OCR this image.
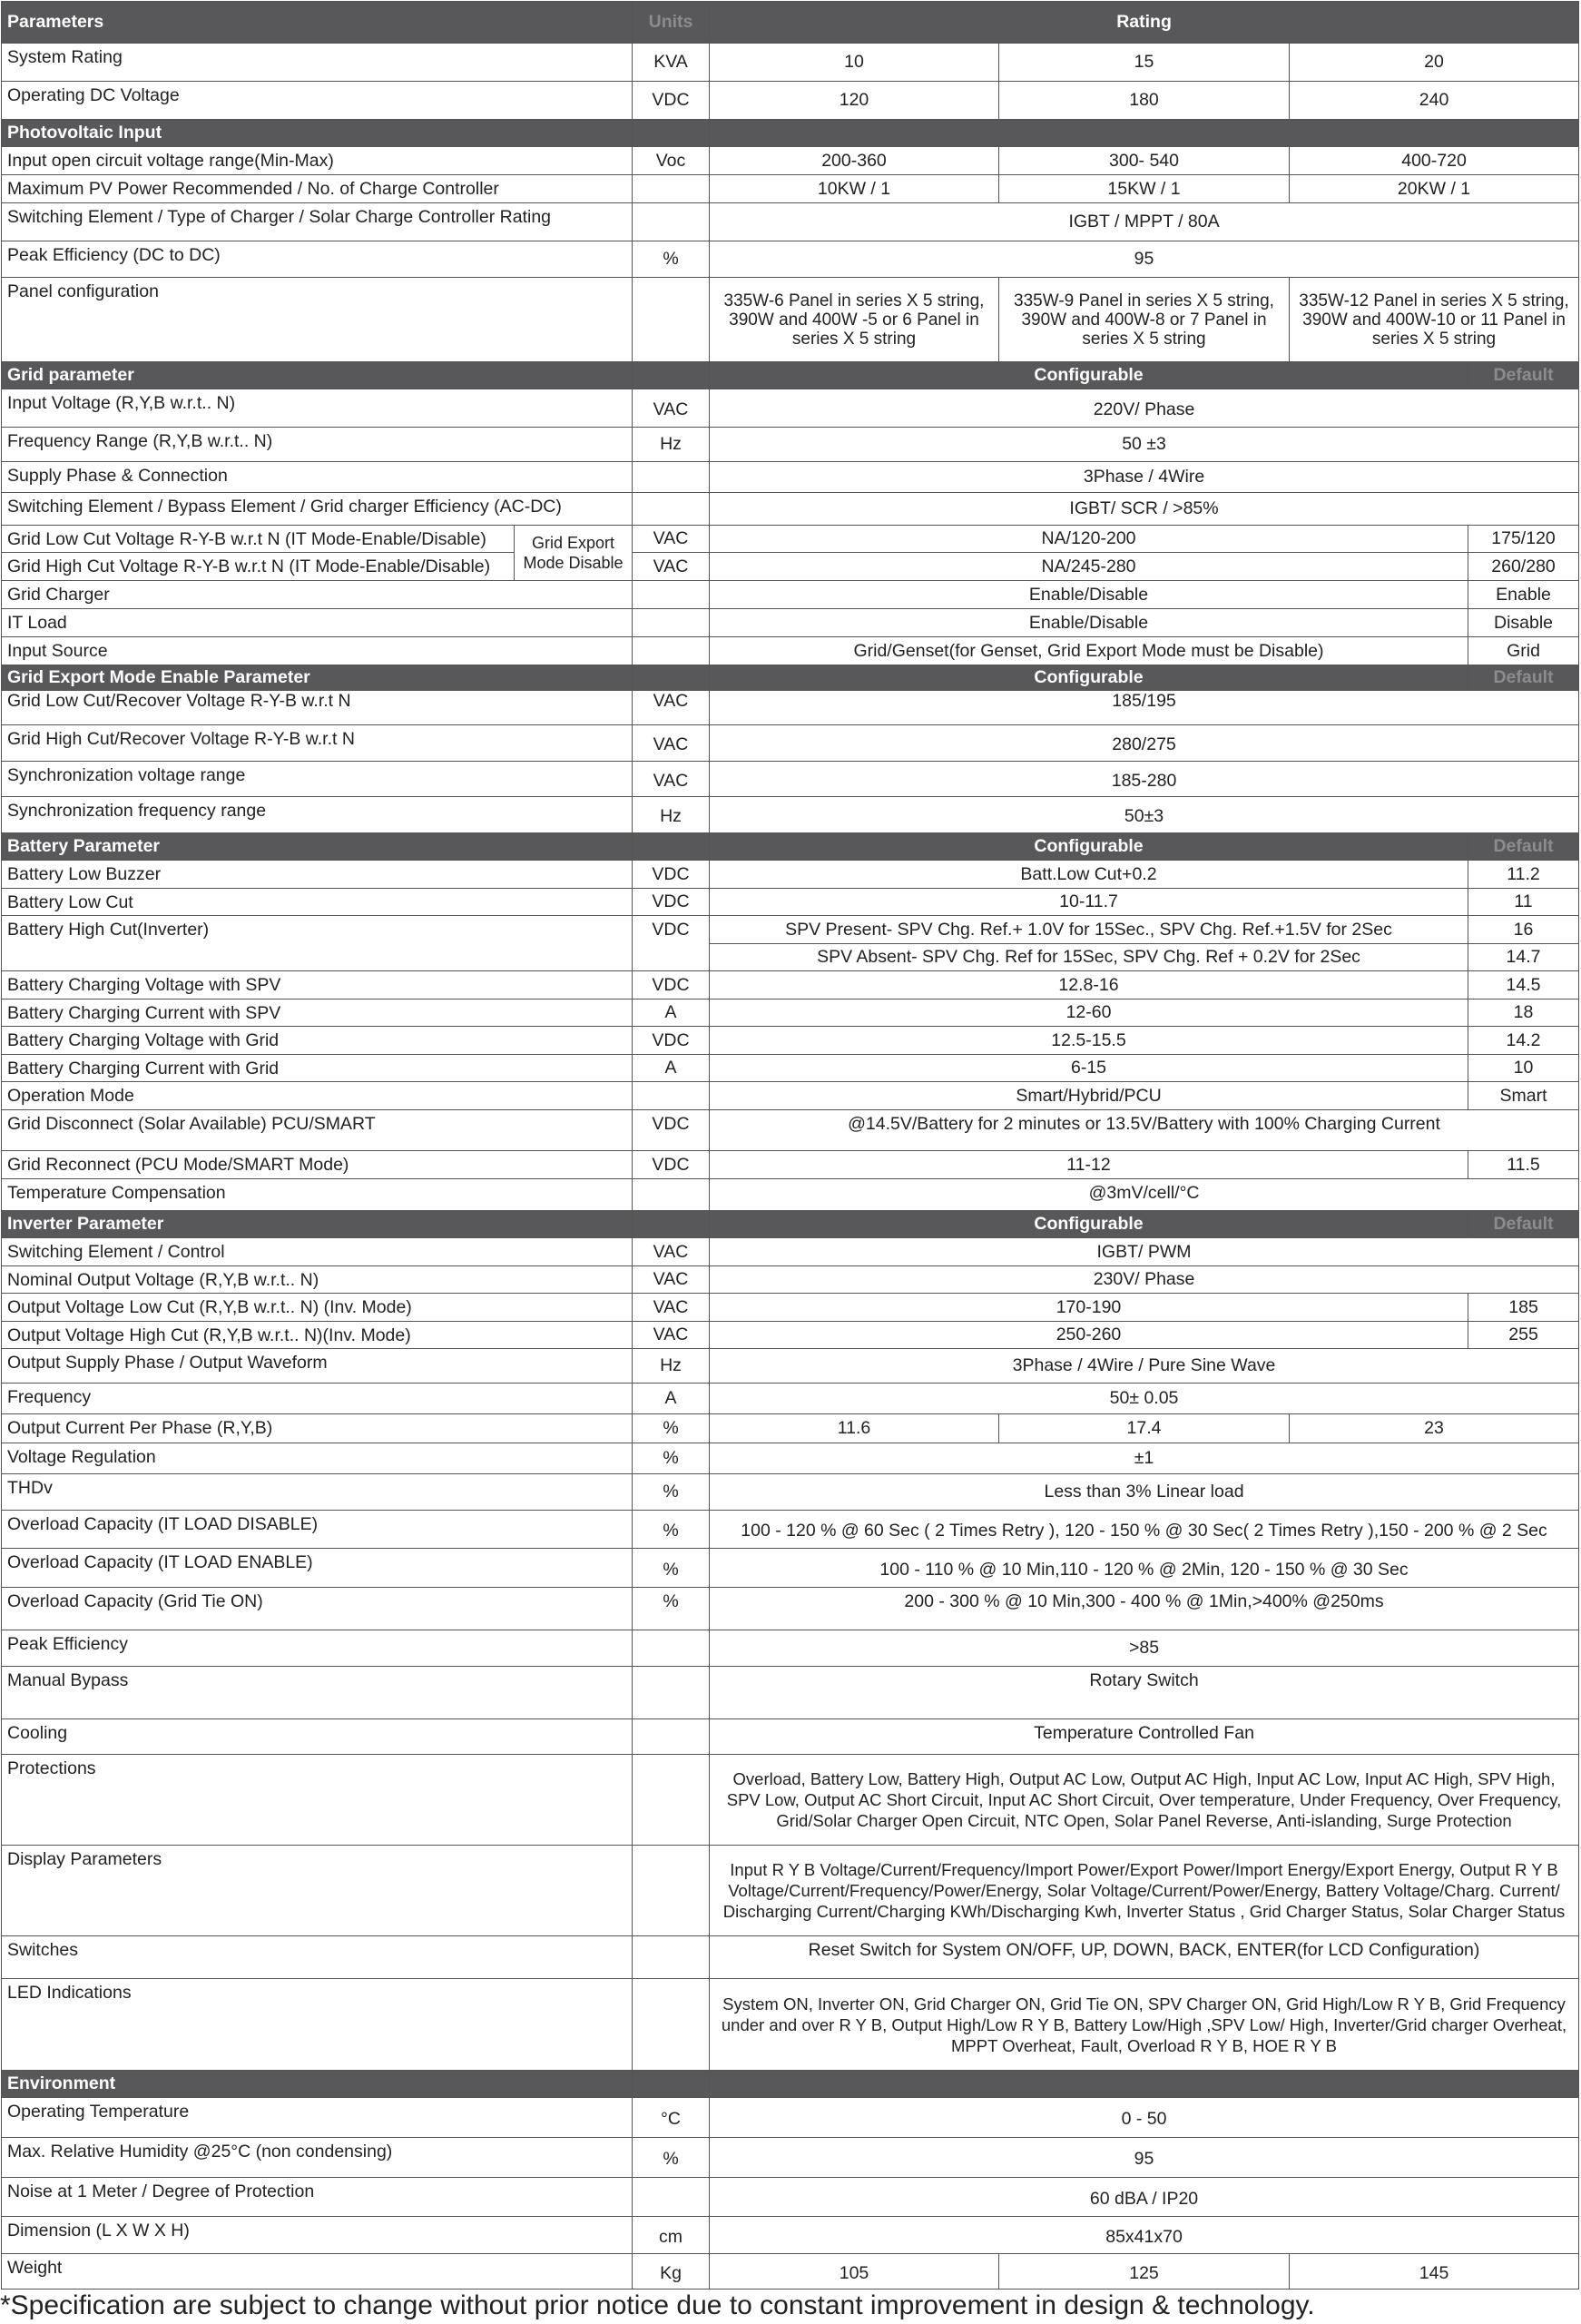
Parameters		Units	Rating			
System Rating		KVA	10	15	20	
Operating DC Voltage		VDC	120	180	240	
Photovoltaic Input						
Input open circuit voltage range(Min-Max)		Voc	200-360	300- 540	400-720	
Maximum PV Power Recommended / No. of Charge Controller			10KW / 1	15KW / 1	20KW / 1	
Switching Element / Type of Charger / Solar Charge Controller Rating			IGBT / MPPT / 80A			
Peak Efficiency (DC to DC)		%	95			
Panel configuration			335W-6 Panel in series X 5 string, 390W and 400W -5 or 6 Panel in series X 5 string	335W-9 Panel in series X 5 string, 390W and 400W-8 or 7 Panel in series X 5 string	335W-12 Panel in series X 5 string, 390W and 400W-10 or 11 Panel in series X 5 string	
Grid parameter			Configurable			Default
Input Voltage (R,Y,B w.r.t.. N)		VAC	220V/ Phase			
Frequency Range (R,Y,B w.r.t.. N)		Hz	50 ±3			
Supply Phase & Connection			3Phase / 4Wire			
Switching Element / Bypass Element / Grid charger Efficiency (AC-DC)			IGBT/ SCR / >85%			
Grid Low Cut Voltage R-Y-B w.r.t N (IT Mode-Enable/Disable)	Grid Export Mode Disable	VAC	NA/120-200			175/120
Grid High Cut Voltage R-Y-B w.r.t N (IT Mode-Enable/Disable)		VAC	NA/245-280			260/280
Grid Charger			Enable/Disable			Enable
IT Load			Enable/Disable			Disable
Input Source			Grid/Genset(for Genset, Grid Export Mode must be Disable)			Grid
Grid Export Mode Enable Parameter			Configurable			Default
Grid Low Cut/Recover Voltage R-Y-B w.r.t N		VAC	185/195			
Grid High Cut/Recover Voltage R-Y-B w.r.t N		VAC	280/275			
Synchronization voltage range		VAC	185-280			
Synchronization frequency range		Hz	50±3			
Battery Parameter			Configurable			Default
Battery Low Buzzer		VDC	Batt.Low Cut+0.2			11.2
Battery Low Cut		VDC	10-11.7			11
Battery High Cut(Inverter)		VDC	SPV Present- SPV Chg. Ref.+ 1.0V for 15Sec., SPV Chg. Ref.+1.5V for 2Sec			16
			SPV Absent- SPV Chg. Ref for 15Sec, SPV Chg. Ref + 0.2V for 2Sec			14.7
Battery Charging Voltage with SPV		VDC	12.8-16			14.5
Battery Charging Current with SPV		A	12-60			18
Battery Charging Voltage with Grid		VDC	12.5-15.5			14.2
Battery Charging Current with Grid		A	6-15			10
Operation Mode			Smart/Hybrid/PCU			Smart
Grid Disconnect (Solar Available) PCU/SMART		VDC	@14.5V/Battery for 2 minutes or 13.5V/Battery with 100% Charging Current			
Grid Reconnect (PCU Mode/SMART Mode)		VDC	11-12			11.5
Temperature Compensation			@3mV/cell/°C			
Inverter Parameter			Configurable			Default
Switching Element / Control		VAC	IGBT/ PWM			
Nominal Output Voltage (R,Y,B w.r.t.. N)		VAC	230V/ Phase			
Output Voltage Low Cut (R,Y,B w.r.t.. N) (Inv. Mode)		VAC	170-190			185
Output Voltage High Cut (R,Y,B w.r.t.. N)(Inv. Mode)		VAC	250-260			255
Output Supply Phase / Output Waveform		Hz	3Phase / 4Wire / Pure Sine Wave			
Frequency		A	50± 0.05			
Output Current Per Phase (R,Y,B)		%	11.6	17.4	23	
Voltage Regulation		%	±1			
THDv		%	Less than 3% Linear load			
Overload Capacity (IT LOAD DISABLE)		%	100 - 120 % @ 60 Sec ( 2 Times Retry ), 120 - 150 % @ 30 Sec( 2 Times Retry ),150 - 200 % @ 2 Sec			
Overload Capacity (IT LOAD ENABLE)		%	100 - 110 % @ 10 Min,110 - 120 % @ 2Min, 120 - 150 % @ 30 Sec			
Overload Capacity (Grid Tie ON)		%	200 - 300 % @ 10 Min,300 - 400 % @ 1Min,>400% @250ms			
Peak Efficiency			>85			
Manual Bypass			Rotary Switch			
Cooling			Temperature Controlled Fan			
Protections			Overload, Battery Low, Battery High, Output AC Low, Output AC High, Input AC Low, Input AC High, SPV High, SPV Low, Output AC Short Circuit, Input AC Short Circuit, Over temperature, Under Frequency, Over Frequency, Grid/Solar Charger Open Circuit, NTC Open, Solar Panel Reverse, Anti-islanding, Surge Protection			
Display Parameters			Input R Y B Voltage/Current/Frequency/Import Power/Export Power/Import Energy/Export Energy, Output R Y B Voltage/Current/Frequency/Power/Energy, Solar Voltage/Current/Power/Energy, Battery Voltage/Charg. Current/ Discharging Current/Charging KWh/Discharging Kwh, Inverter Status , Grid Charger Status, Solar Charger Status			
Switches			Reset Switch for System ON/OFF, UP, DOWN, BACK, ENTER(for LCD Configuration)			
LED Indications			System ON, Inverter ON, Grid Charger ON, Grid Tie ON, SPV Charger ON, Grid High/Low R Y B, Grid Frequency under and over R Y B, Output High/Low R Y B, Battery Low/High ,SPV Low/ High, Inverter/Grid charger Overheat, MPPT Overheat, Fault, Overload R Y B, HOE R Y B			
Environment						
Operating Temperature		°C	0 - 50			
Max. Relative Humidity @25°C (non condensing)		%	95			
Noise at 1 Meter / Degree of Protection			60 dBA / IP20			
Dimension (L X W X H)		cm	85x41x70			
Weight		Kg	105	125	145	
*Specification are subject to change without prior notice due to constant improvement in design & technology.
